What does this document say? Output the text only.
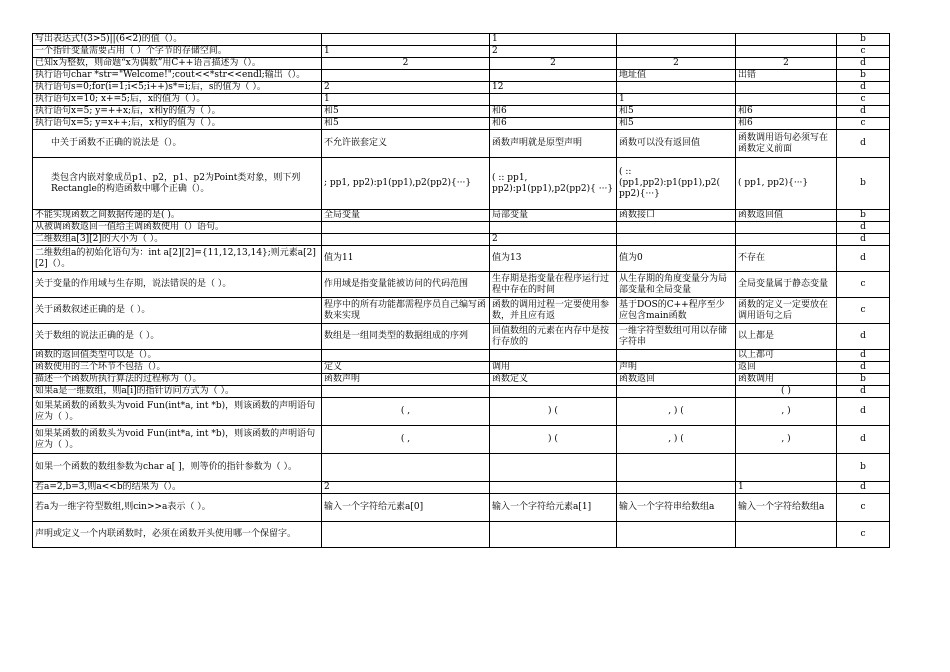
写出表达式!(3>5)||(6<2)的值（）。		1			b
一个指针变量需要占用（ ）个字节的存储空间。	1	2			c
已知x为整数，则命题“x为偶数”用C++语言描述为（）。	2	2	2	2	d
执行语句char *str="Welcome!";cout<<*str<<endl;输出（）。			地址值	出错	b
执行语句s=0;for(i=1;i<5;i++)s*=i;后，s的值为（ ）。	2	12			d
执行语句x=10; x+=5;后，x的值为（ ）。	1		1		c
执行语句x=5; y=++x;后，x和y的值为（ ）。	和5	和6	和5	和6	d
执行语句x=5; y=x++;后，x和y的值为（ ）。	和5	和6	和5	和6	c
中关于函数不正确的说法是（）。	不允许嵌套定义	函数声明就是原型声明	函数可以没有返回值	函数调用语句必须写在函数定义前面	d
类包含内嵌对象成员p1、p2，p1、p2为Point类对象，则下列Rectangle的构造函数中哪个正确（）。	; pp1, pp2):p1(pp1),p2(pp2){···}	( :: pp1, pp2):p1(pp1),p2(pp2){ ···}	( :: (pp1,pp2):p1(pp1),p2( pp2){···}	( pp1, pp2){···}	b
不能实现函数之间数据传递的是( )。	全局变量	局部变量	函数接口	函数返回值	b
从被调函数返回一值给主调函数使用（）语句。					d
二维数组a[3][2]的大小为（ ）。		2			d
二维数组a的初始化语句为：int a[2][2]={11,12,13,14};则元素a[2][2]（）。	值为11	值为13	值为0	不存在	d
关于变量的作用域与生存期，说法错误的是（ ）。	作用域是指变量能被访问的代码范围	生存期是指变量在程序运行过程中存在的时间	从生存期的角度变量分为局部变量和全局变量	全局变量属于静态变量	c
关于函数叙述正确的是（ ）。	程序中的所有功能都需程序员自己编写函数来实现	函数的调用过程一定要使用参数，并且应有返	基于DOS的C++程序至少应包含main函数	函数的定义一定要放在调用语句之后	c
关于数组的说法正确的是（ ）。	数组是一组同类型的数据组成的序列	回值数组的元素在内存中是按行存放的	一维字符型数组可用以存储字符串	以上都是	d
函数的返回值类型可以是（）。				以上都可	d
函数使用的三个环节不包括（）。	定义	调用	声明	返回	d
描述一个函数所执行算法的过程称为（）。	函数声明	函数定义	函数返回	函数调用	b
如果a是一维数组，则a[i]的指针访问方式为（ ）。				( )	d
如果某函数的函数头为void Fun(int*a, int *b)，则该函数的声明语句应为（ ）。	( ,	) (	, ) (	, )	d
如果某函数的函数头为void Fun(int*a, int *b)，则该函数的声明语句应为（ ）。	( ,	) (	, ) (	, )	d
如果一个函数的数组参数为char a[ ]，则等价的指针参数为（ ）。					b
若a=2,b=3,则a<<b的结果为（）。	2			1	d
若a为一维字符型数组,则cin>>a表示（ ）。	输入一个字符给元素a[0]	输入一个字符给元素a[1]	输入一个字符串给数组a	输入一个字符给数组a	c
声明或定义一个内联函数时，必须在函数开头使用哪一个保留字。					c
